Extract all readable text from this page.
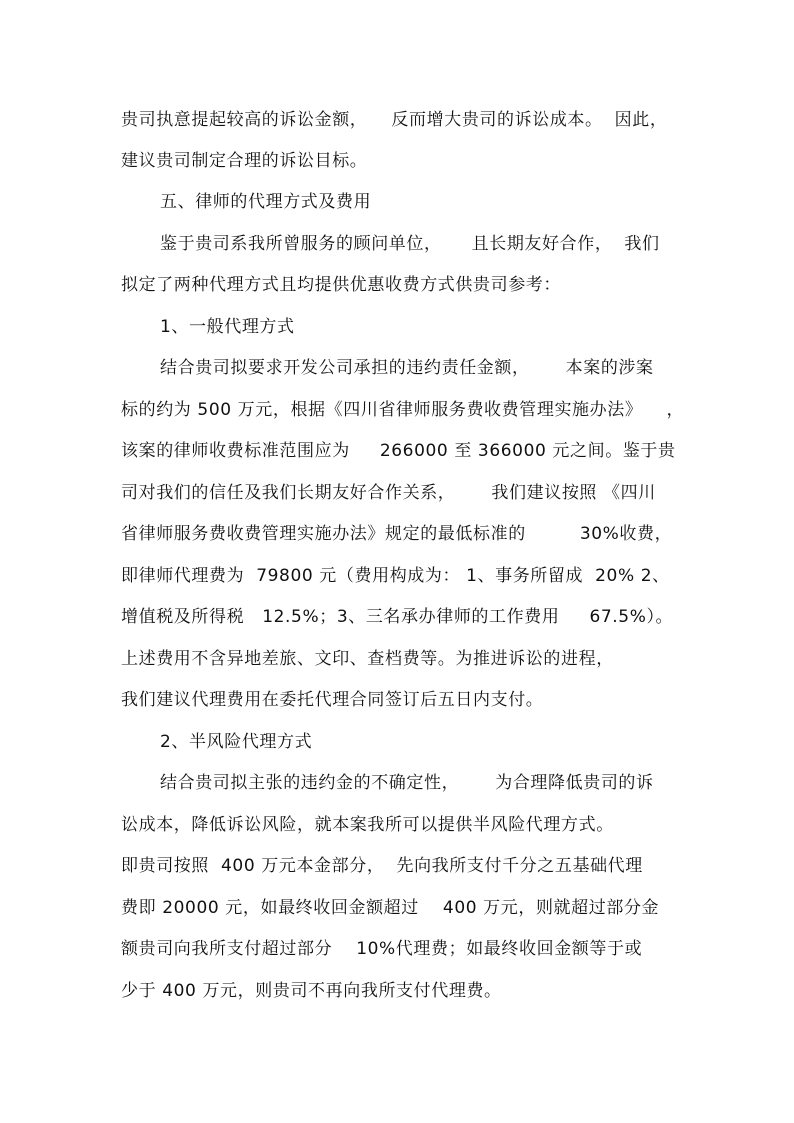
贵司执意提起较高的诉讼金额，    反而增大贵司的诉讼成本。  因此，
建议贵司制定合理的诉讼目标。
五、律师的代理方式及费用
鉴于贵司系我所曾服务的顾问单位，     且长期友好合作，  我们
拟定了两种代理方式且均提供优惠收费方式供贵司参考：
1、一般代理方式
结合贵司拟要求开发公司承担的违约责任金额，      本案的涉案
标的约为 500 万元，根据《四川省律师服务费收费管理实施办法》    ，
该案的律师收费标准范围应为     266000 至 366000 元之间。鉴于贵
司对我们的信任及我们长期友好合作关系，      我们建议按照 《四川
省律师服务费收费管理实施办法》规定的最低标准的         30%收费，
即律师代理费为  79800 元（费用构成为： 1、事务所留成  20% 2、
增值税及所得税   12.5%；3、三名承办律师的工作费用     67.5%）。
上述费用不含异地差旅、文印、查档费等。为推进诉讼的进程，
我们建议代理费用在委托代理合同签订后五日内支付。
2、半风险代理方式
结合贵司拟主张的违约金的不确定性，      为合理降低贵司的诉
讼成本，降低诉讼风险，就本案我所可以提供半风险代理方式。
即贵司按照  400 万元本金部分，  先向我所支付千分之五基础代理
费即 20000 元，如最终收回金额超过    400 万元，则就超过部分金
额贵司向我所支付超过部分    10%代理费；如最终收回金额等于或
少于 400 万元，则贵司不再向我所支付代理费。
